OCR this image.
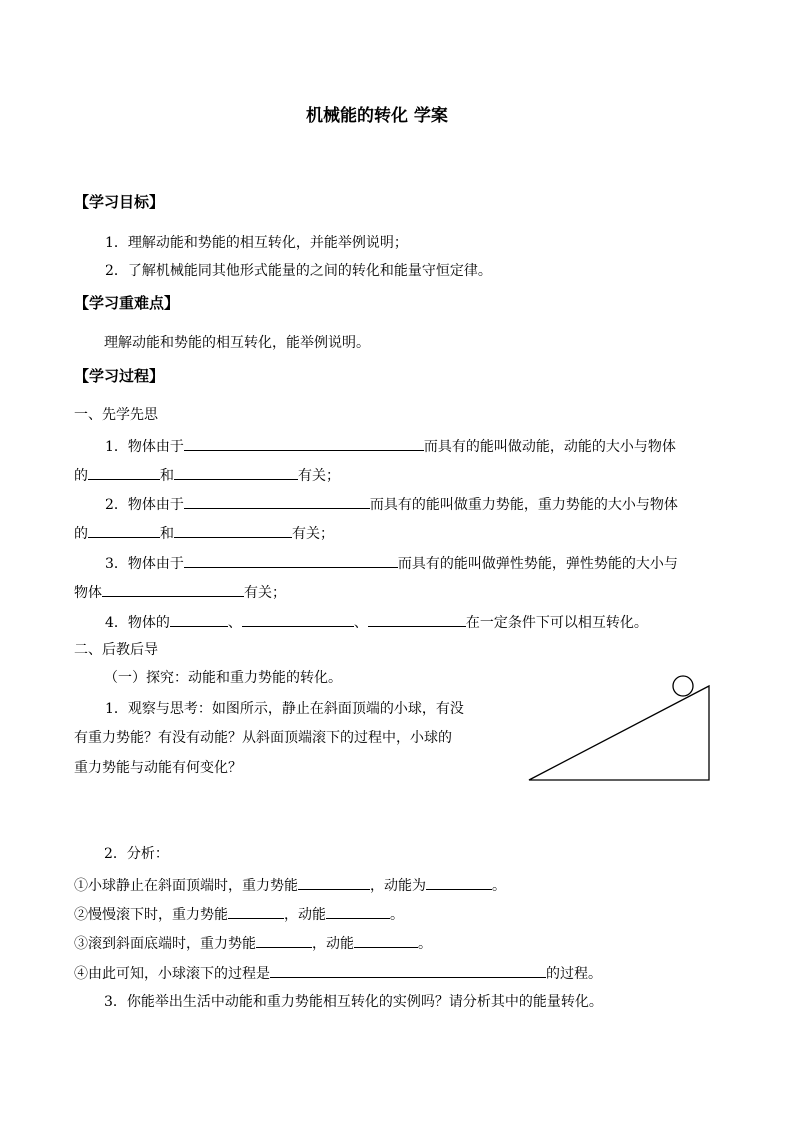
机械能的转化 学案
【学习目标】
1．理解动能和势能的相互转化，并能举例说明；
2．了解机械能同其他形式能量的之间的转化和能量守恒定律。
【学习重难点】
理解动能和势能的相互转化，能举例说明。
【学习过程】
一、先学先思
1．物体由于	而具有的能叫做动能，动能的大小与物体
的	和	有关；
2．物体由于	而具有的能叫做重力势能，重力势能的大小与物体
的	和	有关；
3．物体由于	而具有的能叫做弹性势能，弹性势能的大小与
物体	有关；
4．物体的	、	、	在一定条件下可以相互转化。
二、后教后导
（一）探究：动能和重力势能的转化。
1．观察与思考：如图所示，静止在斜面顶端的小球，有没
有重力势能？有没有动能？从斜面顶端滚下的过程中，小球的
重力势能与动能有何变化？
2．分析：
①小球静止在斜面顶端时，重力势能	，动能为	。
②慢慢滚下时，重力势能	，动能	。
③滚到斜面底端时，重力势能	，动能	。
④由此可知，小球滚下的过程是	的过程。
3．你能举出生活中动能和重力势能相互转化的实例吗？请分析其中的能量转化。
